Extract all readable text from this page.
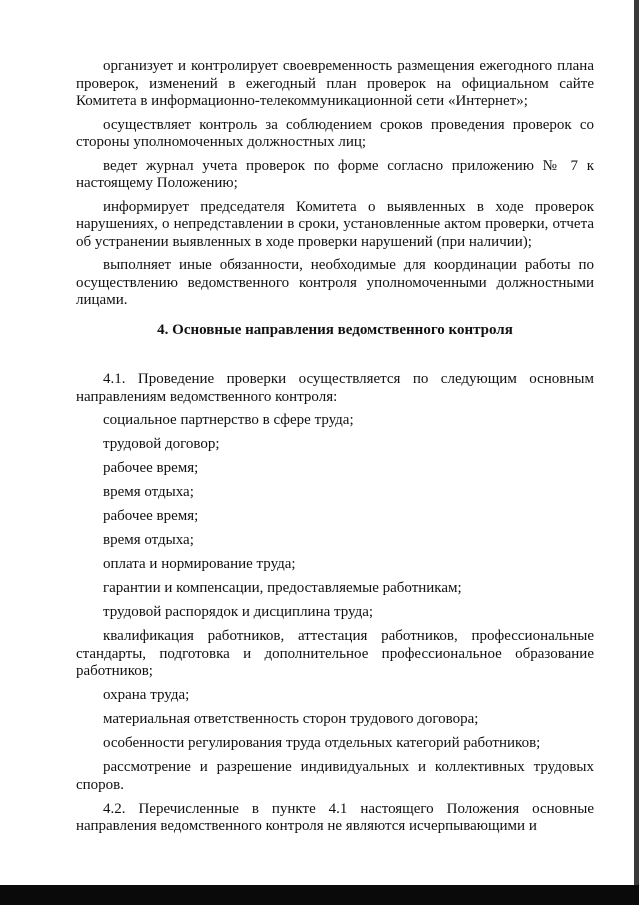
организует и контролирует своевременность размещения ежегодного плана проверок, изменений в ежегодный план проверок на официальном сайте Комитета в информационно-телекоммуникационной сети «Интернет»;

осуществляет контроль за соблюдением сроков проведения проверок со стороны уполномоченных должностных лиц;

ведет журнал учета проверок по форме согласно приложению № 7 к настоящему Положению;

информирует председателя Комитета о выявленных в ходе проверок нарушениях, о непредставлении в сроки, установленные актом проверки, отчета об устранении выявленных в ходе проверки нарушений (при наличии);

выполняет иные обязанности, необходимые для координации работы по осуществлению ведомственного контроля уполномоченными должностными лицами.

4. Основные направления ведомственного контроля

4.1. Проведение проверки осуществляется по следующим основным направлениям ведомственного контроля:

социальное партнерство в сфере труда;

трудовой договор;

рабочее время;

время отдыха;

рабочее время;

время отдыха;

оплата и нормирование труда;

гарантии и компенсации, предоставляемые работникам;

трудовой распорядок и дисциплина труда;

квалификация работников, аттестация работников, профессиональные стандарты, подготовка и дополнительное профессиональное образование работников;

охрана труда;

материальная ответственность сторон трудового договора;

особенности регулирования труда отдельных категорий работников;

рассмотрение и разрешение индивидуальных и коллективных трудовых споров.

4.2. Перечисленные в пункте 4.1 настоящего Положения основные направления ведомственного контроля не являются исчерпывающими и
